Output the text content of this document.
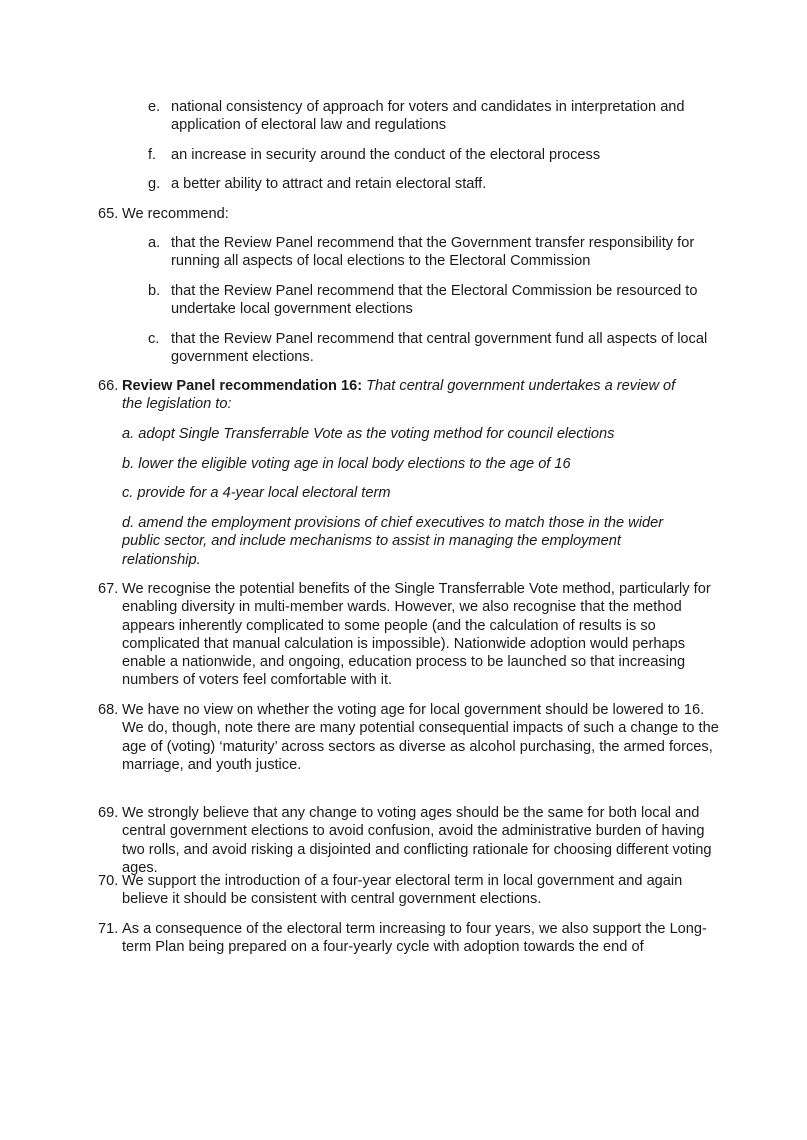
e. national consistency of approach for voters and candidates in interpretation and application of electoral law and regulations
f.	an increase in security around the conduct of the electoral process
g. a better ability to attract and retain electoral staff.
65. We recommend:
a. that the Review Panel recommend that the Government transfer responsibility for running all aspects of local elections to the Electoral Commission
b. that the Review Panel recommend that the Electoral Commission be resourced to undertake local government elections
c. that the Review Panel recommend that central government fund all aspects of local government elections.
66. Review Panel recommendation 16: That central government undertakes a review of the legislation to:
a. adopt Single Transferrable Vote as the voting method for council elections
b. lower the eligible voting age in local body elections to the age of 16
c. provide for a 4-year local electoral term
d. amend the employment provisions of chief executives to match those in the wider public sector, and include mechanisms to assist in managing the employment relationship.
67. We recognise the potential benefits of the Single Transferrable Vote method, particularly for enabling diversity in multi-member wards. However, we also recognise that the method appears inherently complicated to some people (and the calculation of results is so complicated that manual calculation is impossible). Nationwide adoption would perhaps enable a nationwide, and ongoing, education process to be launched so that increasing numbers of voters feel comfortable with it.
68. We have no view on whether the voting age for local government should be lowered to 16. We do, though, note there are many potential consequential impacts of such a change to the age of (voting) ‘maturity’ across sectors as diverse as alcohol purchasing, the armed forces, marriage, and youth justice.
69. We strongly believe that any change to voting ages should be the same for both local and central government elections to avoid confusion, avoid the administrative burden of having two rolls, and avoid risking a disjointed and conflicting rationale for choosing different voting ages.
70. We support the introduction of a four-year electoral term in local government and again believe it should be consistent with central government elections.
71. As a consequence of the electoral term increasing to four years, we also support the Long-term Plan being prepared on a four-yearly cycle with adoption towards the end of
